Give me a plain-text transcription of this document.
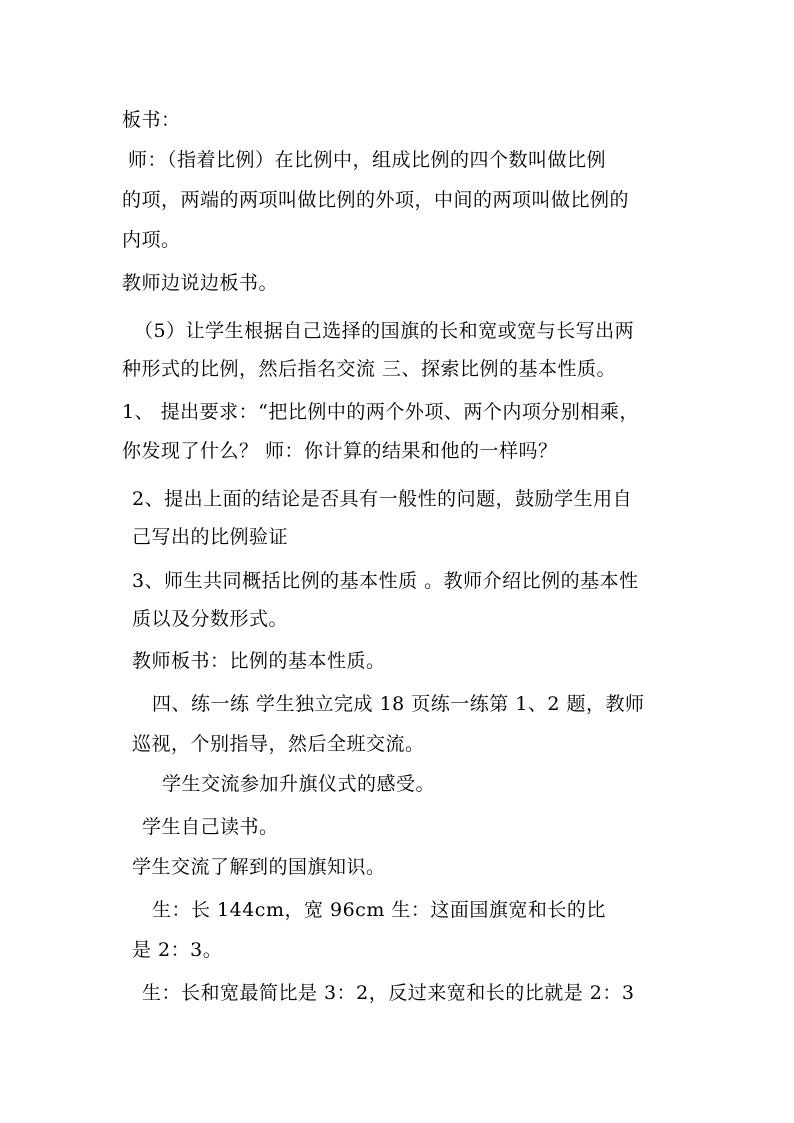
板书：
师：（指着比例）在比例中，组成比例的四个数叫做比例
的项，两端的两项叫做比例的外项，中间的两项叫做比例的
内项。
教师边说边板书。
（5）让学生根据自己选择的国旗的长和宽或宽与长写出两
种形式的比例，然后指名交流 三、探索比例的基本性质。
1、 提出要求：“把比例中的两个外项、两个内项分别相乘，
你发现了什么？ 师：你计算的结果和他的一样吗？
2、提出上面的结论是否具有一般性的问题，鼓励学生用自
己写出的比例验证
3、师生共同概括比例的基本性质 。教师介绍比例的基本性
质以及分数形式。
教师板书：比例的基本性质。
四、练一练 学生独立完成 18 页练一练第 1、2 题，教师
巡视，个别指导，然后全班交流。
学生交流参加升旗仪式的感受。
学生自己读书。
学生交流了解到的国旗知识。
生：长 144cm，宽 96cm 生：这面国旗宽和长的比
是 2：3。
生：长和宽最简比是 3：2，反过来宽和长的比就是 2：3
